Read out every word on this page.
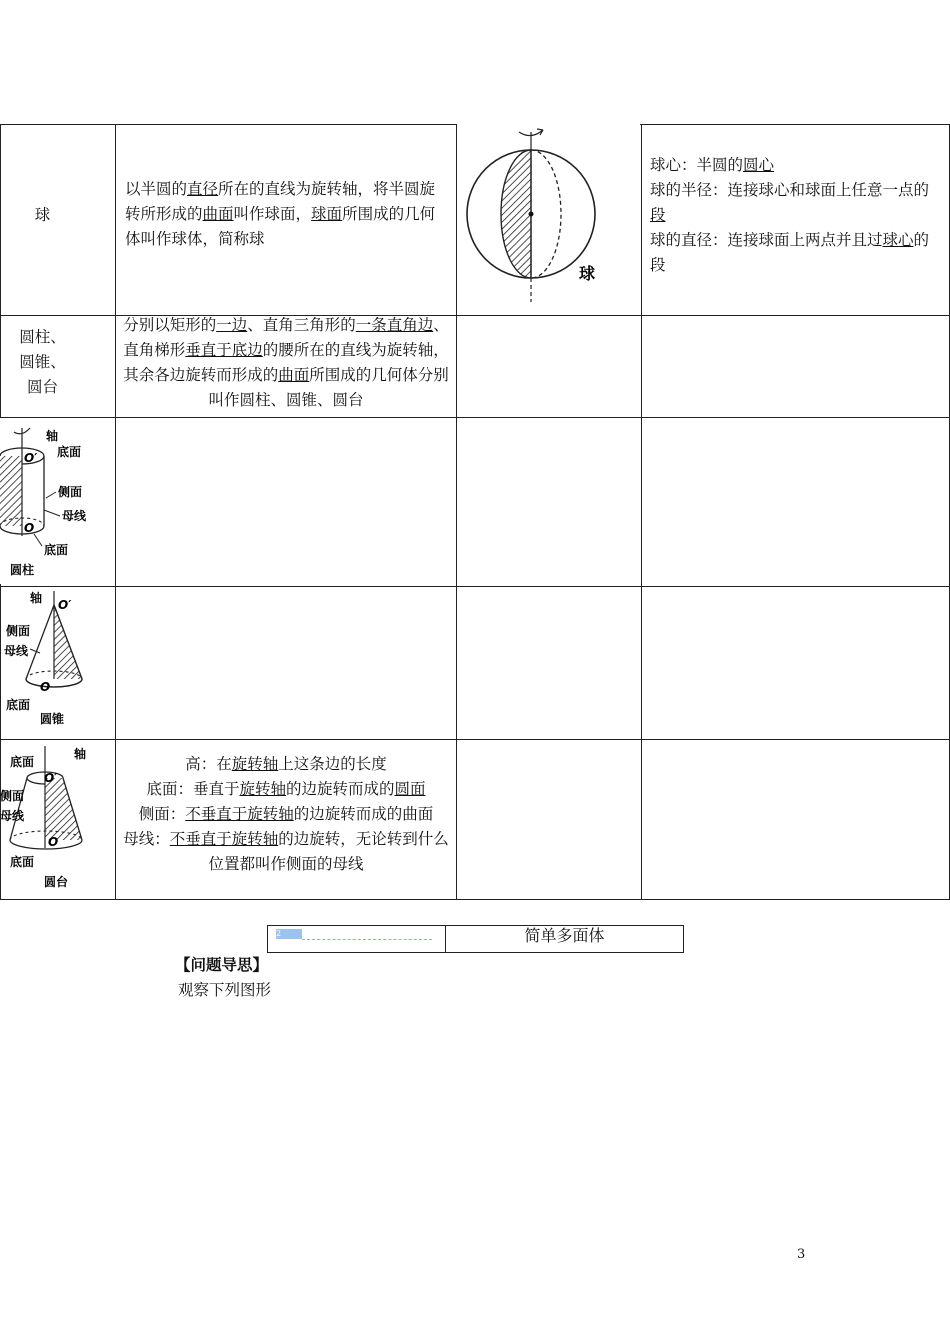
球
以半圆的直径所在的直线为旋转轴，将半圆旋转所形成的曲面叫作球面，球面所围成的几何体叫作球体，简称球
球
球心：半圆的圆心
球的半径：连接球心和球面上任意一点的
段
球的直径：连接球面上两点并且过球心的
段
圆柱、
圆锥、
圆台
分别以矩形的一边、直角三角形的一条直角边、直角梯形垂直于底边的腰所在的直线为旋转轴，其余各边旋转而形成的曲面所围成的几何体分别叫作圆柱、圆锥、圆台
轴
O′ 底面
侧面
母线
O
底面
圆柱
轴 O′
侧面
母线
O
底面
圆锥
底面
轴
O′
侧面
母线
O
底面
圆台
高：在旋转轴上这条边的长度
底面：垂直于旋转轴的边旋转而成的圆面
侧面：不垂直于旋转轴的边旋转而成的曲面
母线：不垂直于旋转轴的边旋转，无论转到什么位置都叫作侧面的母线
2	简单多面体
【问题导思】
观察下列图形
3
